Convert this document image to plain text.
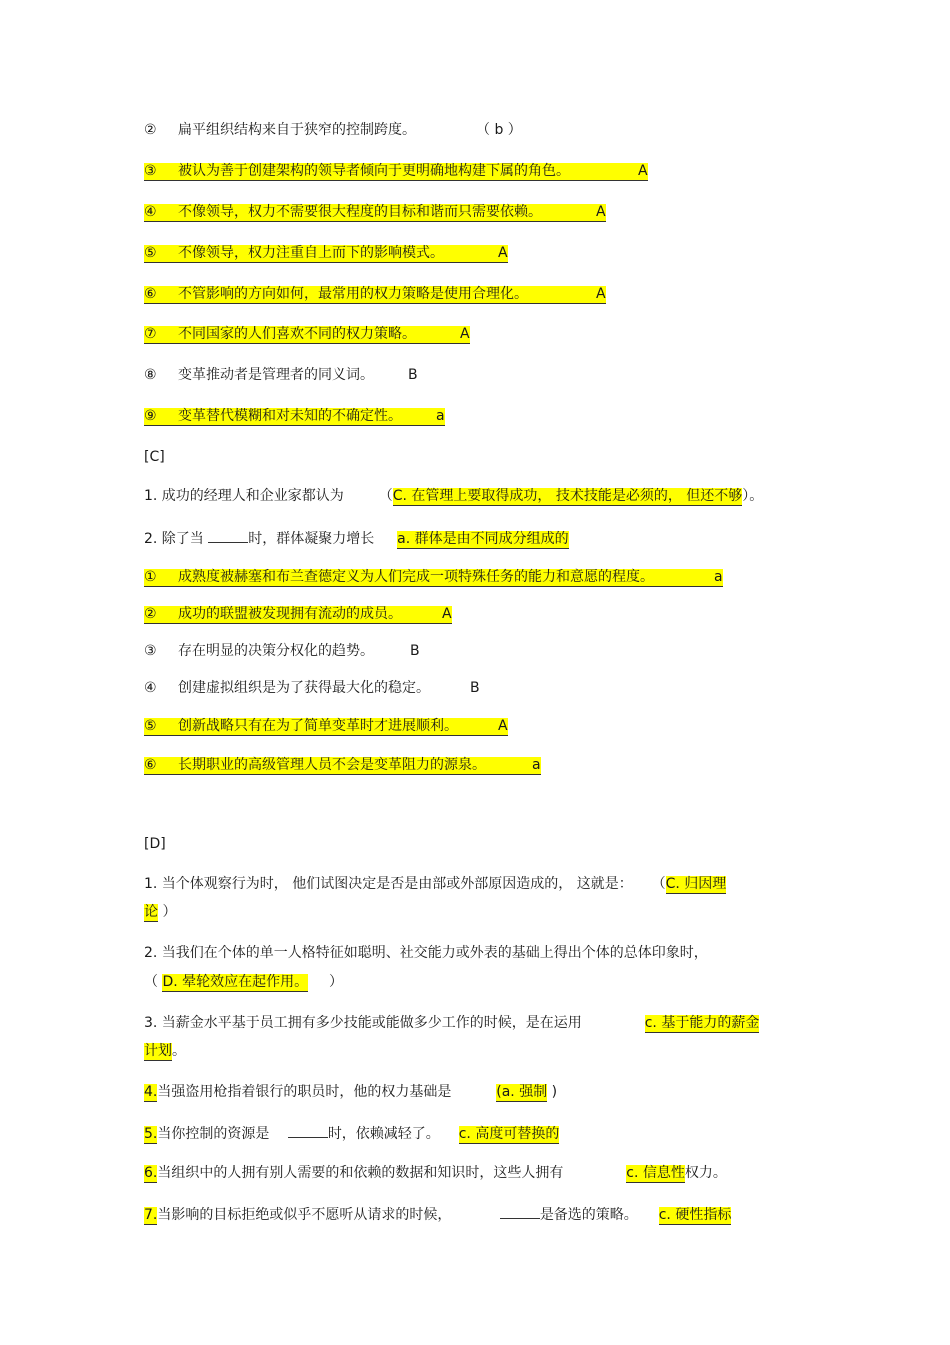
② 扁平组织结构来自于狭窄的控制跨度。	（ b ）
③ 被认为善于创建架构的领导者倾向于更明确地构建下属的角色。	A
④ 不像领导，权力不需要很大程度的目标和谐而只需要依赖。	A
⑤ 不像领导，权力注重自上而下的影响模式。	A
⑥ 不管影响的方向如何，最常用的权力策略是使用合理化。	A
⑦ 不同国家的人们喜欢不同的权力策略。	A
⑧ 变革推动者是管理者的同义词。 B
⑨ 变革替代模糊和对未知的不确定性。 a
[C]
1. 成功的经理人和企业家都认为 （C. 在管理上要取得成功， 技术技能是必须的， 但还不够）。
2. 除了当	时，群体凝聚力增长 a. 群体是由不同成分组成的
① 成熟度被赫塞和布兰查德定义为人们完成一项特殊任务的能力和意愿的程度。	a
② 成功的联盟被发现拥有流动的成员。	A
③ 存在明显的决策分权化的趋势。	B
④ 创建虚拟组织是为了获得最大化的稳定。	B
⑤ 创新战略只有在为了简单变革时才进展顺利。	A
⑥ 长期职业的高级管理人员不会是变革阻力的源泉。	a
[D]
1. 当个体观察行为时， 他们试图决定是否是由部或外部原因造成的， 这就是： （C. 归因理
论 ）
2. 当我们在个体的单一人格特征如聪明、社交能力或外表的基础上得出个体的总体印象时，
（ D. 晕轮效应在起作用。 ）
3. 当薪金水平基于员工拥有多少技能或能做多少工作的时候，是在运用	c. 基于能力的薪金
计划。
4.当强盗用枪指着银行的职员时，他的权力基础是	(a. 强制 )
5.当你控制的资源是	时，依赖减轻了。 c. 高度可替换的
6.当组织中的人拥有别人需要的和依赖的数据和知识时，这些人拥有	c. 信息性权力。
7.当影响的目标拒绝或似乎不愿听从请求的时候，	是备选的策略。 c. 硬性指标
